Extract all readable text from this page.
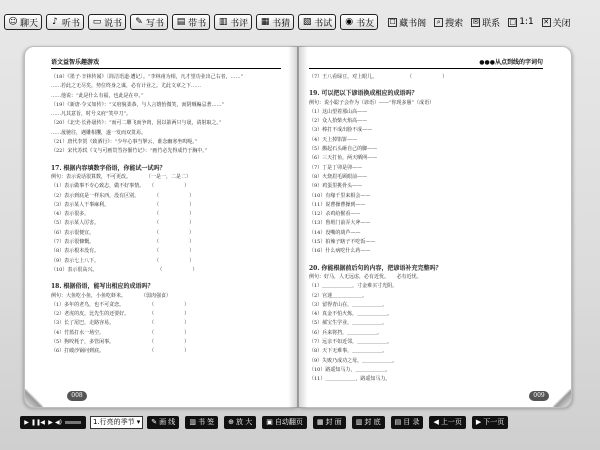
☺ 聊天 ♪ 听书 ▭ 说书 ✎ 写书 ▤ 带书 ▥ 书评 ▦ 书猜 ▧ 书试 ◉ 书友 ☐ 藏书阁	⌕ 搜索 ✉ 联系 □ 1:1 ✕ 关闭
语文益智乐趣游戏
（18）《墨子·辛林传闻》〔简洁语道·遭记〕。“李林甫为相，凡才望功业出己右者，……”
……若此之无尽矣。势位终身之谋，必有计业之。尤此文章之下……
……他说：“此是什么有福，也此是在中。”
（19）《新唐·令义如传》：“义府貌柔恭，与人言嬉怡微笑，而阴贼褊忌著……”
……凡其意旨，时号义府“笑中刀”。
（20）《北史·长孙晟传》：“而可二雕飞而争肉，因以箭两只与晟，请射取之。”
……晟驰往，遇雕相攫，遂一发而双贯焉。
（21）唐代李贺《致酒行》：“少年心事当拏云，谁念幽寒坐呜呃。”
（22）宋代苏轼《文与可画筼筜谷偃竹记》：“画竹必先得成竹于胸中。”
17. 根据内容填数字俗语，你能试一试吗？
例句：表示说话很算数，不可更改。　　　　（一是一，二是二）
（1）表示做事不专心致志，做不好事情。　　（　　　　　　）
（2）表示到底是一样东西，没有区别。　　　　（　　　　　　）
（3）表示某人干事麻利。　　　　　　　　　　（　　　　　　）
（4）表示很多。　　　　　　　　　　　　　　（　　　　　　）
（5）表示某人厉害。　　　　　　　　　　　　（　　　　　　）
（6）表示很便宜。　　　　　　　　　　　　　（　　　　　　）
（7）表示很慷慨。　　　　　　　　　　　　　（　　　　　　）
（8）表示根本没有。　　　　　　　　　　　　（　　　　　　）
（9）表示七上八下。　　　　　　　　　　　　（　　　　　　）
（10）表示很高兴。　　　　　　　　　　　　　（　　　　　　）
18. 根据俗语，能写出相应的成语吗？
例句：大鱼吃小鱼，小鱼吃虾米。　　　　（弱肉强食）
（1）多年的老鸟，也不可贪恋。　　　　　　（　　　　　　）
（2）老虎的皮，比先生的还要好。　　　　　（　　　　　　）
（3）长了尾巴，走路容易。　　　　　　　　（　　　　　　）
（4）竹篮打水一场空。　　　　　　　　　　（　　　　　　）
（5）狗咬耗子，多管闲事。　　　　　　　　（　　　　　　）
（6）打破沙锅问到底。　　　　　　　　　　（　　　　　　）
008
●●●从点到线的字词句
（7）王八看绿豆，对上眼儿。　　　　　　　（　　　　　　）
19. 可以把以下谚语换成相应的成语吗？
例句：说小聪子会作为（谚语）——“你现多愚”（成语）
（1）这山望着那山高——
（2）众人拾柴火焰高——
（3）棒打不成出脸不成——
（4）天上掉馅饼——
（5）搬起石头砸自己的脚——
（6）三天打鱼，两天晒网——
（7）丁是丁卯是卯——
（8）火烧眉毛顾眼前——
（9）鸡蛋里挑骨头——
（10）有缘千里来相会——
（11）说曹操曹操到——
（12）杀鸡给猴看——
（13）鲁班门前弄大斧——
（14）没嘴的葫芦——
（15）拍辣子瞎子不吃饭——
（16）什么病吃什么药——
20. 你能根据前后句的内容，把谚语补充完整吗？
例句：好马，人无远虑，必有近忧。　　必有近忧。
（1）＿＿＿＿＿＿，寸金难买寸光阴。
（2）官迷＿＿＿＿＿＿。
（3）留得青山在，＿＿＿＿＿＿。
（4）真金不怕火炼，＿＿＿＿＿＿。
（5）郝宝生学业，＿＿＿＿＿＿。
（6）兵来将挡，＿＿＿＿＿＿。
（7）远亲不如近邻，＿＿＿＿＿＿。
（8）天下无难事，＿＿＿＿＿＿。
（9）失败乃成功之母，＿＿＿＿＿＿。
（10）路遥知马力，＿＿＿＿＿＿。
（11）＿＿＿＿＿＿，路遥知马力。
009
▶ ❚❚ ◀ ▶ ◀)	1.行亮的季节 ▾ ✎ 画 线 ▥ 书 签 ⊕ 放 大 ▣ 自动翻页 ▦ 封 面 ▥ 封 底 ▤ 目 录 ◀ 上一页 ▶ 下一页
